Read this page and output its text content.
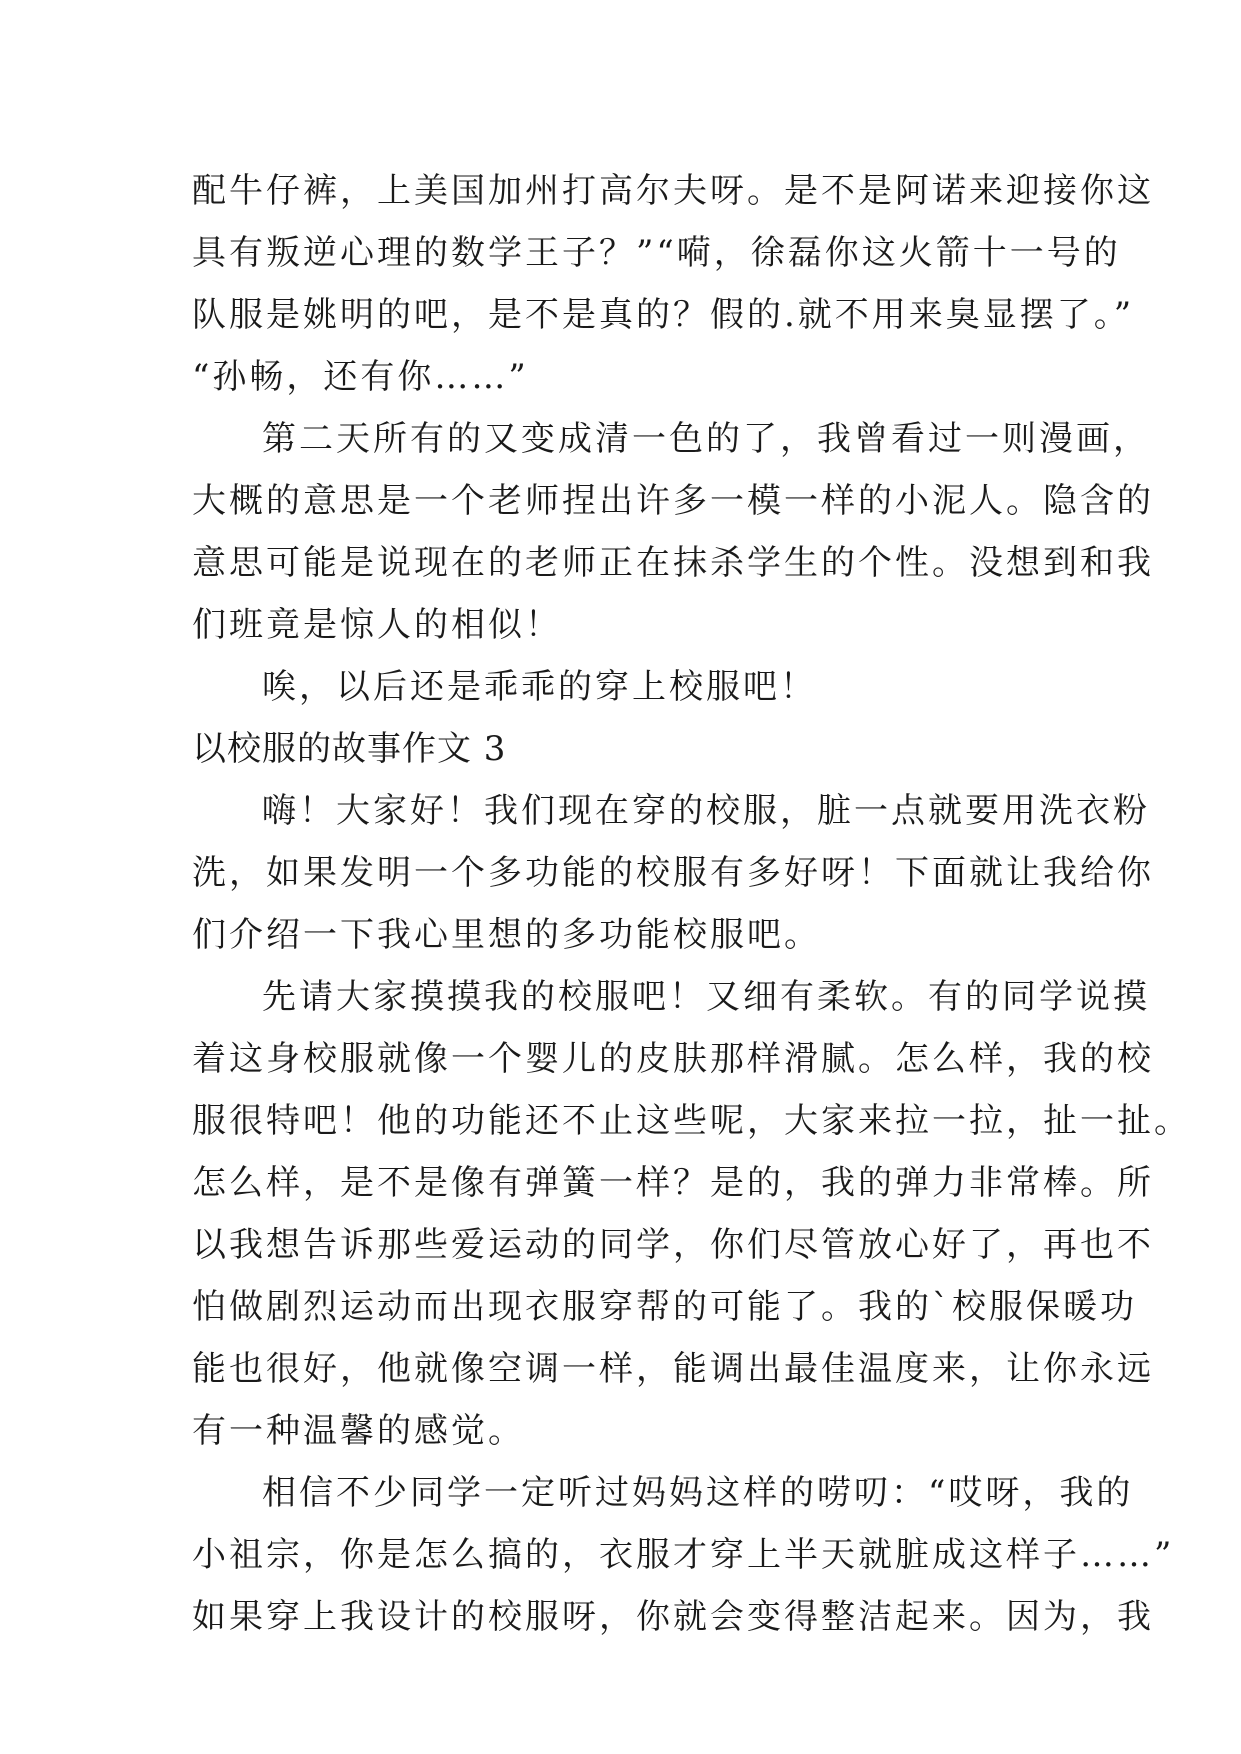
配牛仔裤，上美国加州打高尔夫呀。是不是阿诺来迎接你这
具有叛逆心理的数学王子？”“嗬，徐磊你这火箭十一号的
队服是姚明的吧，是不是真的？假的.就不用来臭显摆了。”
“孙畅，还有你……”
第二天所有的又变成清一色的了，我曾看过一则漫画，
大概的意思是一个老师捏出许多一模一样的小泥人。隐含的
意思可能是说现在的老师正在抹杀学生的个性。没想到和我
们班竟是惊人的相似！
唉，以后还是乖乖的穿上校服吧！
以校服的故事作文 3
嗨！大家好！我们现在穿的校服，脏一点就要用洗衣粉
洗，如果发明一个多功能的校服有多好呀！下面就让我给你
们介绍一下我心里想的多功能校服吧。
先请大家摸摸我的校服吧！又细有柔软。有的同学说摸
着这身校服就像一个婴儿的皮肤那样滑腻。怎么样，我的校
服很特吧！他的功能还不止这些呢，大家来拉一拉，扯一扯。
怎么样，是不是像有弹簧一样？是的，我的弹力非常棒。所
以我想告诉那些爱运动的同学，你们尽管放心好了，再也不
怕做剧烈运动而出现衣服穿帮的可能了。我的`校服保暖功
能也很好，他就像空调一样，能调出最佳温度来，让你永远
有一种温馨的感觉。
相信不少同学一定听过妈妈这样的唠叨：“哎呀，我的
小祖宗，你是怎么搞的，衣服才穿上半天就脏成这样子……”
如果穿上我设计的校服呀，你就会变得整洁起来。因为，我
